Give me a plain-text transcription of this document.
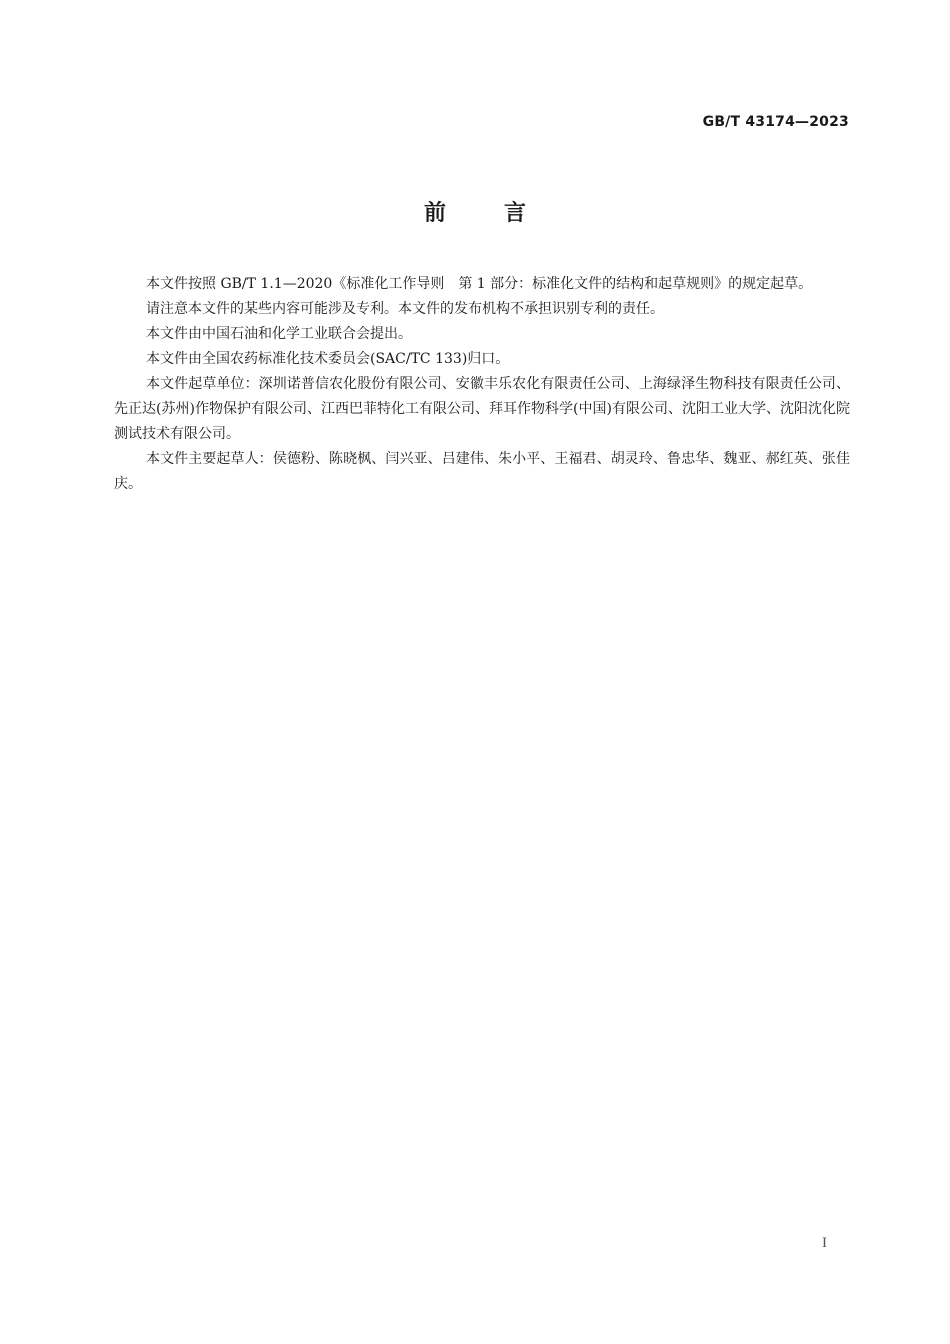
GB/T 43174—2023
前言

本文件按照 GB/T 1.1—2020《标准化工作导则　第 1 部分：标准化文件的结构和起草规则》的规定起草。

请注意本文件的某些内容可能涉及专利。本文件的发布机构不承担识别专利的责任。

本文件由中国石油和化学工业联合会提出。

本文件由全国农药标准化技术委员会(SAC/TC 133)归口。

本文件起草单位：深圳诺普信农化股份有限公司、安徽丰乐农化有限责任公司、上海绿泽生物科技有限责任公司、先正达(苏州)作物保护有限公司、江西巴菲特化工有限公司、拜耳作物科学(中国)有限公司、沈阳工业大学、沈阳沈化院测试技术有限公司。

本文件主要起草人：侯德粉、陈晓枫、闫兴亚、吕建伟、朱小平、王福君、胡灵玲、鲁忠华、魏亚、郝红英、张佳庆。

I
